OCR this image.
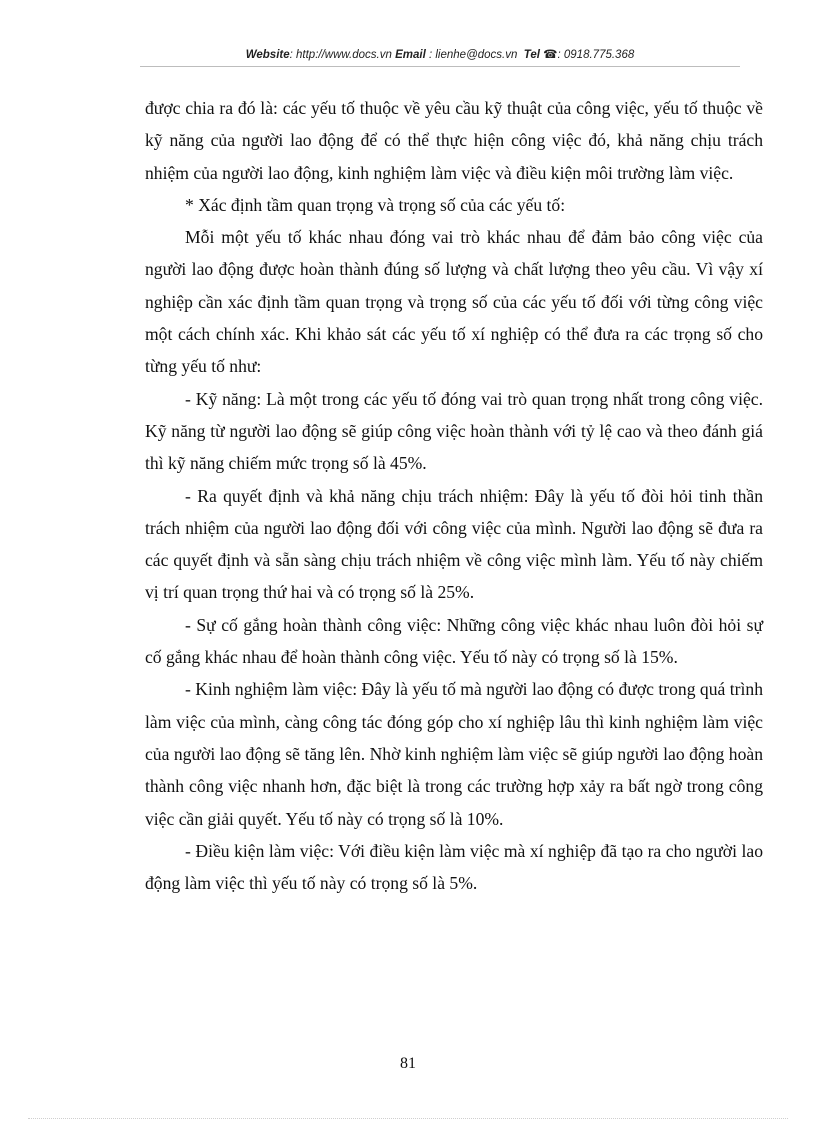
Website: http://www.docs.vn Email : lienhe@docs.vn Tel ☎: 0918.775.368

được chia ra đó là: các yếu tố thuộc về yêu cầu kỹ thuật của công việc, yếu tố thuộc về kỹ năng của người lao động để có thể thực hiện công việc đó, khả năng chịu trách nhiệm của người lao động, kinh nghiệm làm việc và điều kiện môi trường làm việc.

* Xác định tầm quan trọng và trọng số của các yếu tố:

Mỗi một yếu tố khác nhau đóng vai trò khác nhau để đảm bảo công việc của người lao động được hoàn thành đúng số lượng và chất lượng theo yêu cầu. Vì vậy xí nghiệp cần xác định tầm quan trọng và trọng số của các yếu tố đối với từng công việc một cách chính xác. Khi khảo sát các yếu tố xí nghiệp có thể đưa ra các trọng số cho từng yếu tố như:

- Kỹ năng: Là một trong các yếu tố đóng vai trò quan trọng nhất trong công việc. Kỹ năng từ người lao động sẽ giúp công việc hoàn thành với tỷ lệ cao và theo đánh giá thì kỹ năng chiếm mức trọng số là 45%.

- Ra quyết định và khả năng chịu trách nhiệm: Đây là yếu tố đòi hỏi tinh thần trách nhiệm của người lao động đối với công việc của mình. Người lao động sẽ đưa ra các quyết định và sẵn sàng chịu trách nhiệm về công việc mình làm. Yếu tố này chiếm vị trí quan trọng thứ hai và có trọng số là 25%.

- Sự cố gắng hoàn thành công việc: Những công việc khác nhau luôn đòi hỏi sự cố gắng khác nhau để hoàn thành công việc. Yếu tố này có trọng số là 15%.

- Kinh nghiệm làm việc: Đây là yếu tố mà người lao động có được trong quá trình làm việc của mình, càng công tác đóng góp cho xí nghiệp lâu thì kinh nghiệm làm việc của người lao động sẽ tăng lên. Nhờ kinh nghiệm làm việc sẽ giúp người lao động hoàn thành công việc nhanh hơn, đặc biệt là trong các trường hợp xảy ra bất ngờ trong công việc cần giải quyết. Yếu tố này có trọng số là 10%.

- Điều kiện làm việc: Với điều kiện làm việc mà xí nghiệp đã tạo ra cho người lao động làm việc thì yếu tố này có trọng số là 5%.

81
